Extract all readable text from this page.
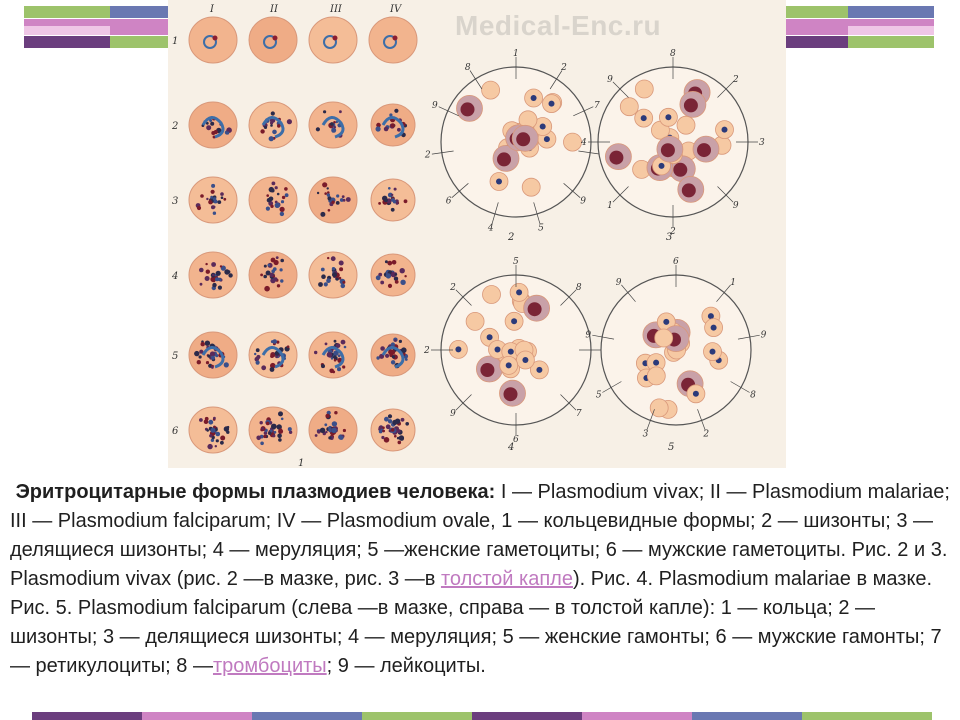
I	II	III	IV
1
2
3
4
5
6
1
2
1
2
7
9
5
4
6
2
9
8
3
8
2
3
9
2
1
4
9
4
5
8
7
6
9
2
2
5
6
1
9
8
2
3
5
9
9
Medical-Enc.ru
Эритроцитарные формы плазмодиев человека: I — Plasmodium vivax; II — Plasmodium malariae; III — Plasmodium falciparum; IV — Plasmodium ovale, 1 — кольцевидные формы; 2 — шизонты; 3 — делящиеся шизонты; 4 — меруляция; 5 —женские гаметоциты; 6 — мужские гаметоциты. Рис. 2 и 3. Plasmodium vivax (рис. 2 —в мазке, рис. 3 —в толстой капле). Рис. 4. Plasmodium malariae в мазке. Рис. 5. Plasmodium falciparum (слева —в мазке, справа — в толстой капле): 1 — кольца; 2 — шизонты; 3 — делящиеся шизонты; 4 — меруляция; 5 — женские гамонты; 6 — мужские гамонты; 7 — ретикулоциты; 8 —тромбоциты; 9 — лейкоциты.
